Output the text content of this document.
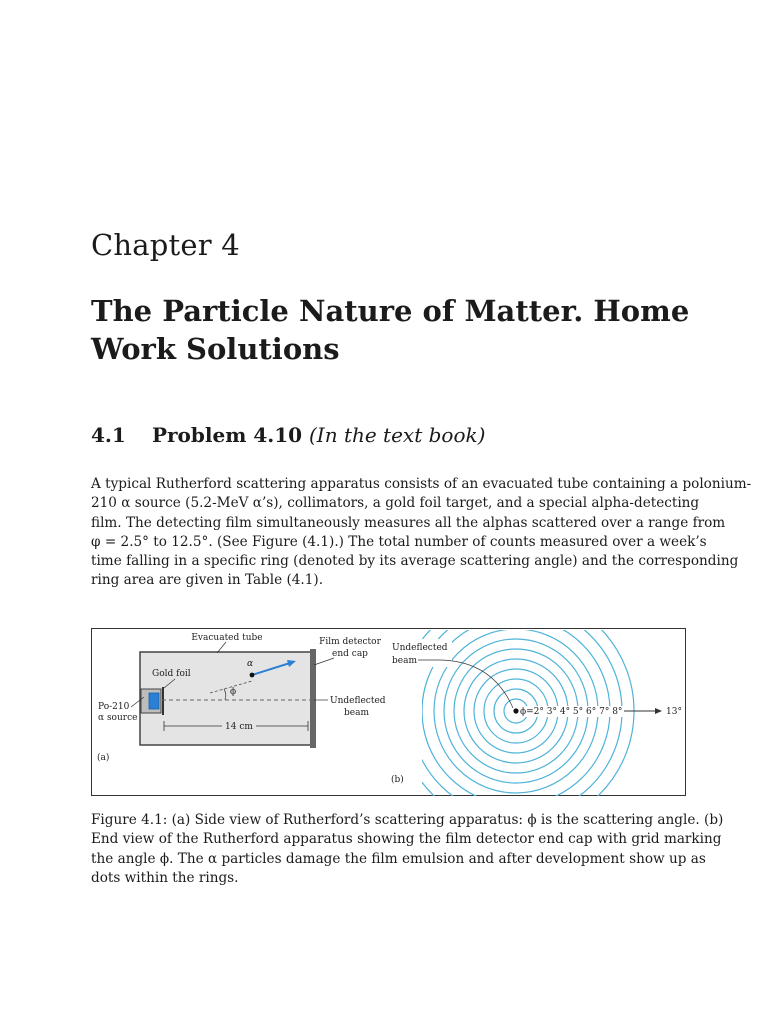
Chapter 4
The Particle Nature of Matter. Home Work Solutions
4.1 Problem 4.10 (In the text book)
A typical Rutherford scattering apparatus consists of an evacuated tube containing a polonium-
210 α source (5.2-MeV α’s), collimators, a gold foil target, and a special alpha-detecting
film. The detecting film simultaneously measures all the alphas scattered over a range from
φ = 2.5° to 12.5°. (See Figure (4.1).) The total number of counts measured over a week’s
time falling in a specific ring (denoted by its average scattering angle) and the corresponding
ring area are given in Table (4.1).
14 cm
Evacuated tube	Film detector
end cap
Gold foil
α
ϕ
Po-210
α source
Undeflected
beam
(a)
ϕ=2° 3° 4° 5° 6° 7° 8°	13°
Undeflected
beam
(b)
Figure 4.1: (a) Side view of Rutherford’s scattering apparatus: ϕ is the scattering angle. (b)
End view of the Rutherford apparatus showing the film detector end cap with grid marking
the angle ϕ. The α particles damage the film emulsion and after development show up as
dots within the rings.
